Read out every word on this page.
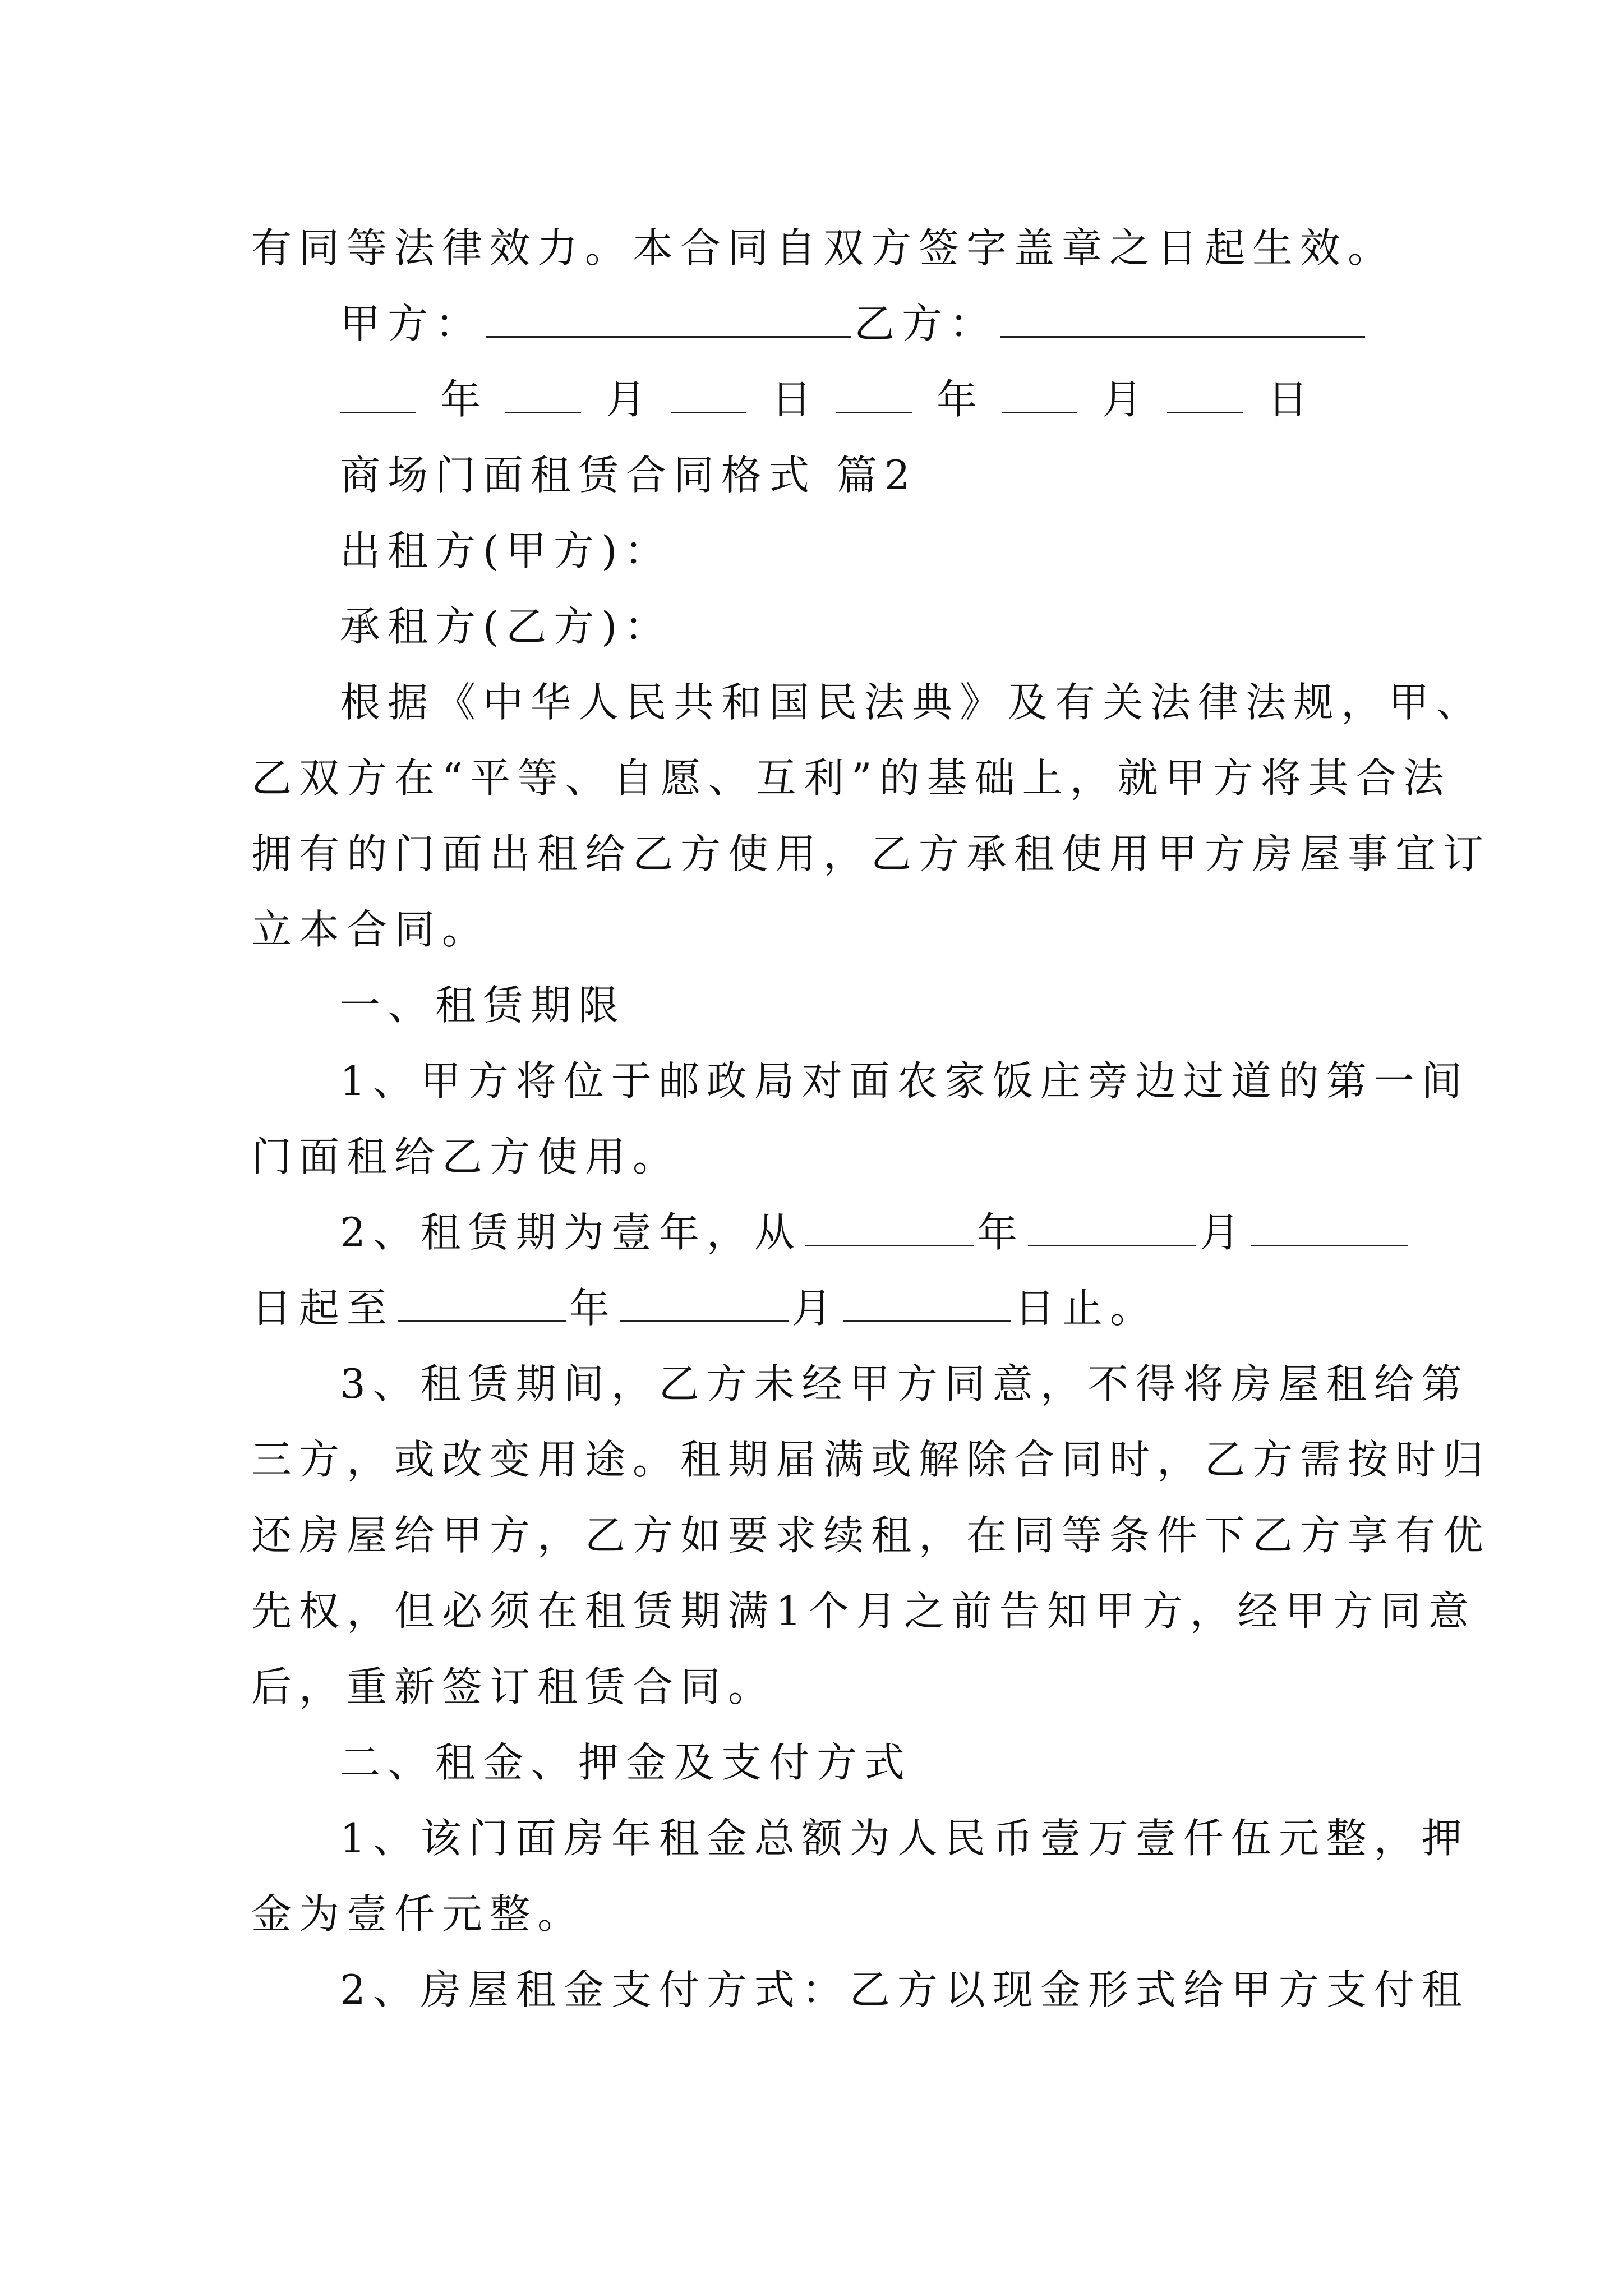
有同等法律效力。本合同自双方签字盖章之日起生效。
甲方：	乙方：
年	月	日	年	月	日
商场门面租赁合同格式 篇2
出租方(甲方)：
承租方(乙方)：
根据《中华人民共和国民法典》及有关法律法规，甲、
乙双方在“平等、自愿、互利”的基础上，就甲方将其合法
拥有的门面出租给乙方使用，乙方承租使用甲方房屋事宜订
立本合同。
一、租赁期限
1、甲方将位于邮政局对面农家饭庄旁边过道的第一间
门面租给乙方使用。
2、租赁期为壹年，从	年	月
日起至	年	月	日止。
3、租赁期间，乙方未经甲方同意，不得将房屋租给第
三方，或改变用途。租期届满或解除合同时，乙方需按时归
还房屋给甲方，乙方如要求续租，在同等条件下乙方享有优
先权，但必须在租赁期满1个月之前告知甲方，经甲方同意
后，重新签订租赁合同。
二、租金、押金及支付方式
1、该门面房年租金总额为人民币壹万壹仟伍元整，押
金为壹仟元整。
2、房屋租金支付方式：乙方以现金形式给甲方支付租
